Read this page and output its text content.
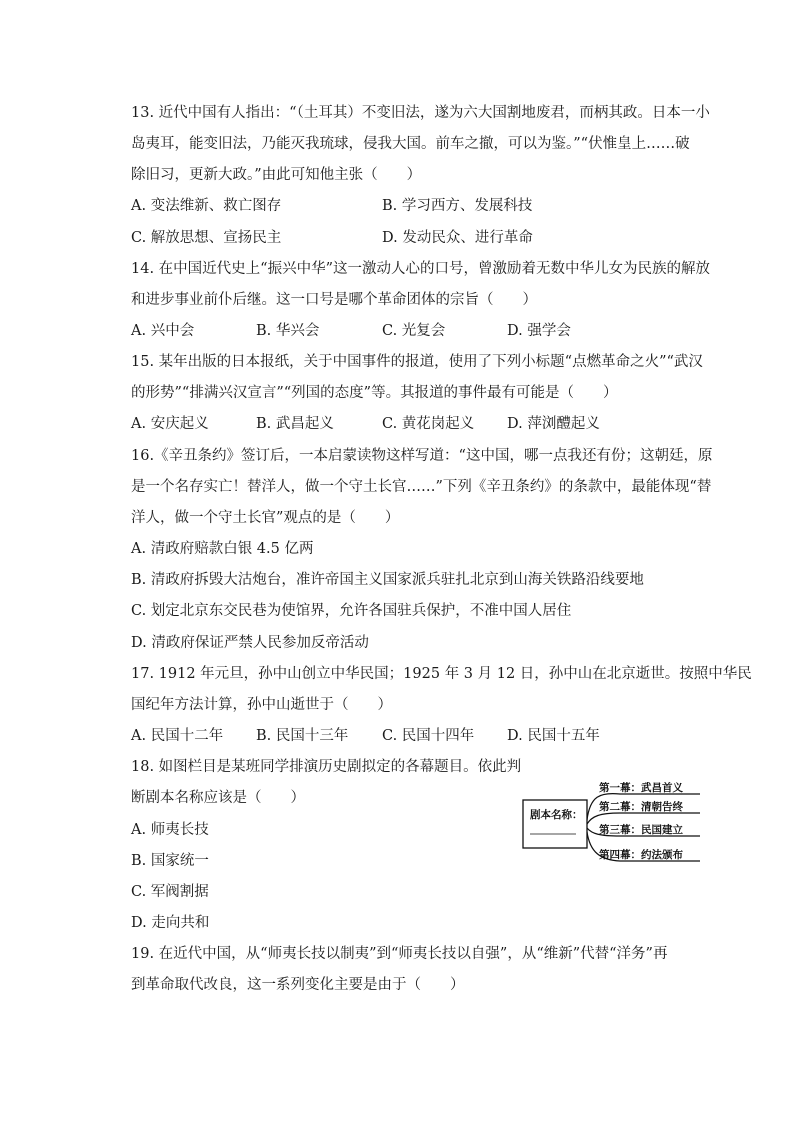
13. 近代中国有人指出：“（土耳其）不变旧法，遂为六大国割地废君，而柄其政。日本一小
岛夷耳，能变旧法，乃能灭我琉球，侵我大国。前车之撤，可以为鉴。”“伏惟皇上……破
除旧习，更新大政。”由此可知他主张（　　）
A. 变法维新、救亡图存	B. 学习西方、发展科技
C. 解放思想、宣扬民主	D. 发动民众、进行革命
14. 在中国近代史上“振兴中华”这一激动人心的口号，曾激励着无数中华儿女为民族的解放
和进步事业前仆后继。这一口号是哪个革命团体的宗旨（　　）
A. 兴中会	B. 华兴会	C. 光复会	D. 强学会
15. 某年出版的日本报纸，关于中国事件的报道，使用了下列小标题“点燃革命之火”“武汉
的形势”“排满兴汉宣言”“列国的态度”等。其报道的事件最有可能是（　　）
A. 安庆起义	B. 武昌起义	C. 黄花岗起义 D. 萍浏醴起义
16.《辛丑条约》签订后，一本启蒙读物这样写道：“这中国，哪一点我还有份；这朝廷，原
是一个名存实亡！替洋人，做一个守土长官……”下列《辛丑条约》的条款中，最能体现“替
洋人，做一个守土长官”观点的是（　　）
A. 清政府赔款白银 4.5 亿两
B. 清政府拆毁大沽炮台，准许帝国主义国家派兵驻扎北京到山海关铁路沿线要地
C. 划定北京东交民巷为使馆界，允许各国驻兵保护，不准中国人居住
D. 清政府保证严禁人民参加反帝活动
17. 1912 年元旦，孙中山创立中华民国；1925 年 3 月 12 日，孙中山在北京逝世。按照中华民
国纪年方法计算，孙中山逝世于（　　）
A. 民国十二年 B. 民国十三年 C. 民国十四年 D. 民国十五年
18. 如图栏目是某班同学排演历史剧拟定的各幕题目。依此判
断剧本名称应该是（　　）
A. 师夷长技
B. 国家统一
C. 军阀割据
D. 走向共和
剧本名称：
第一幕：武昌首义
第二幕：清朝告终
第三幕：民国建立
第四幕：约法颁布
19. 在近代中国，从“师夷长技以制夷”到“师夷长技以自强”，从“维新”代替“洋务”再
到革命取代改良，这一系列变化主要是由于（　　）
